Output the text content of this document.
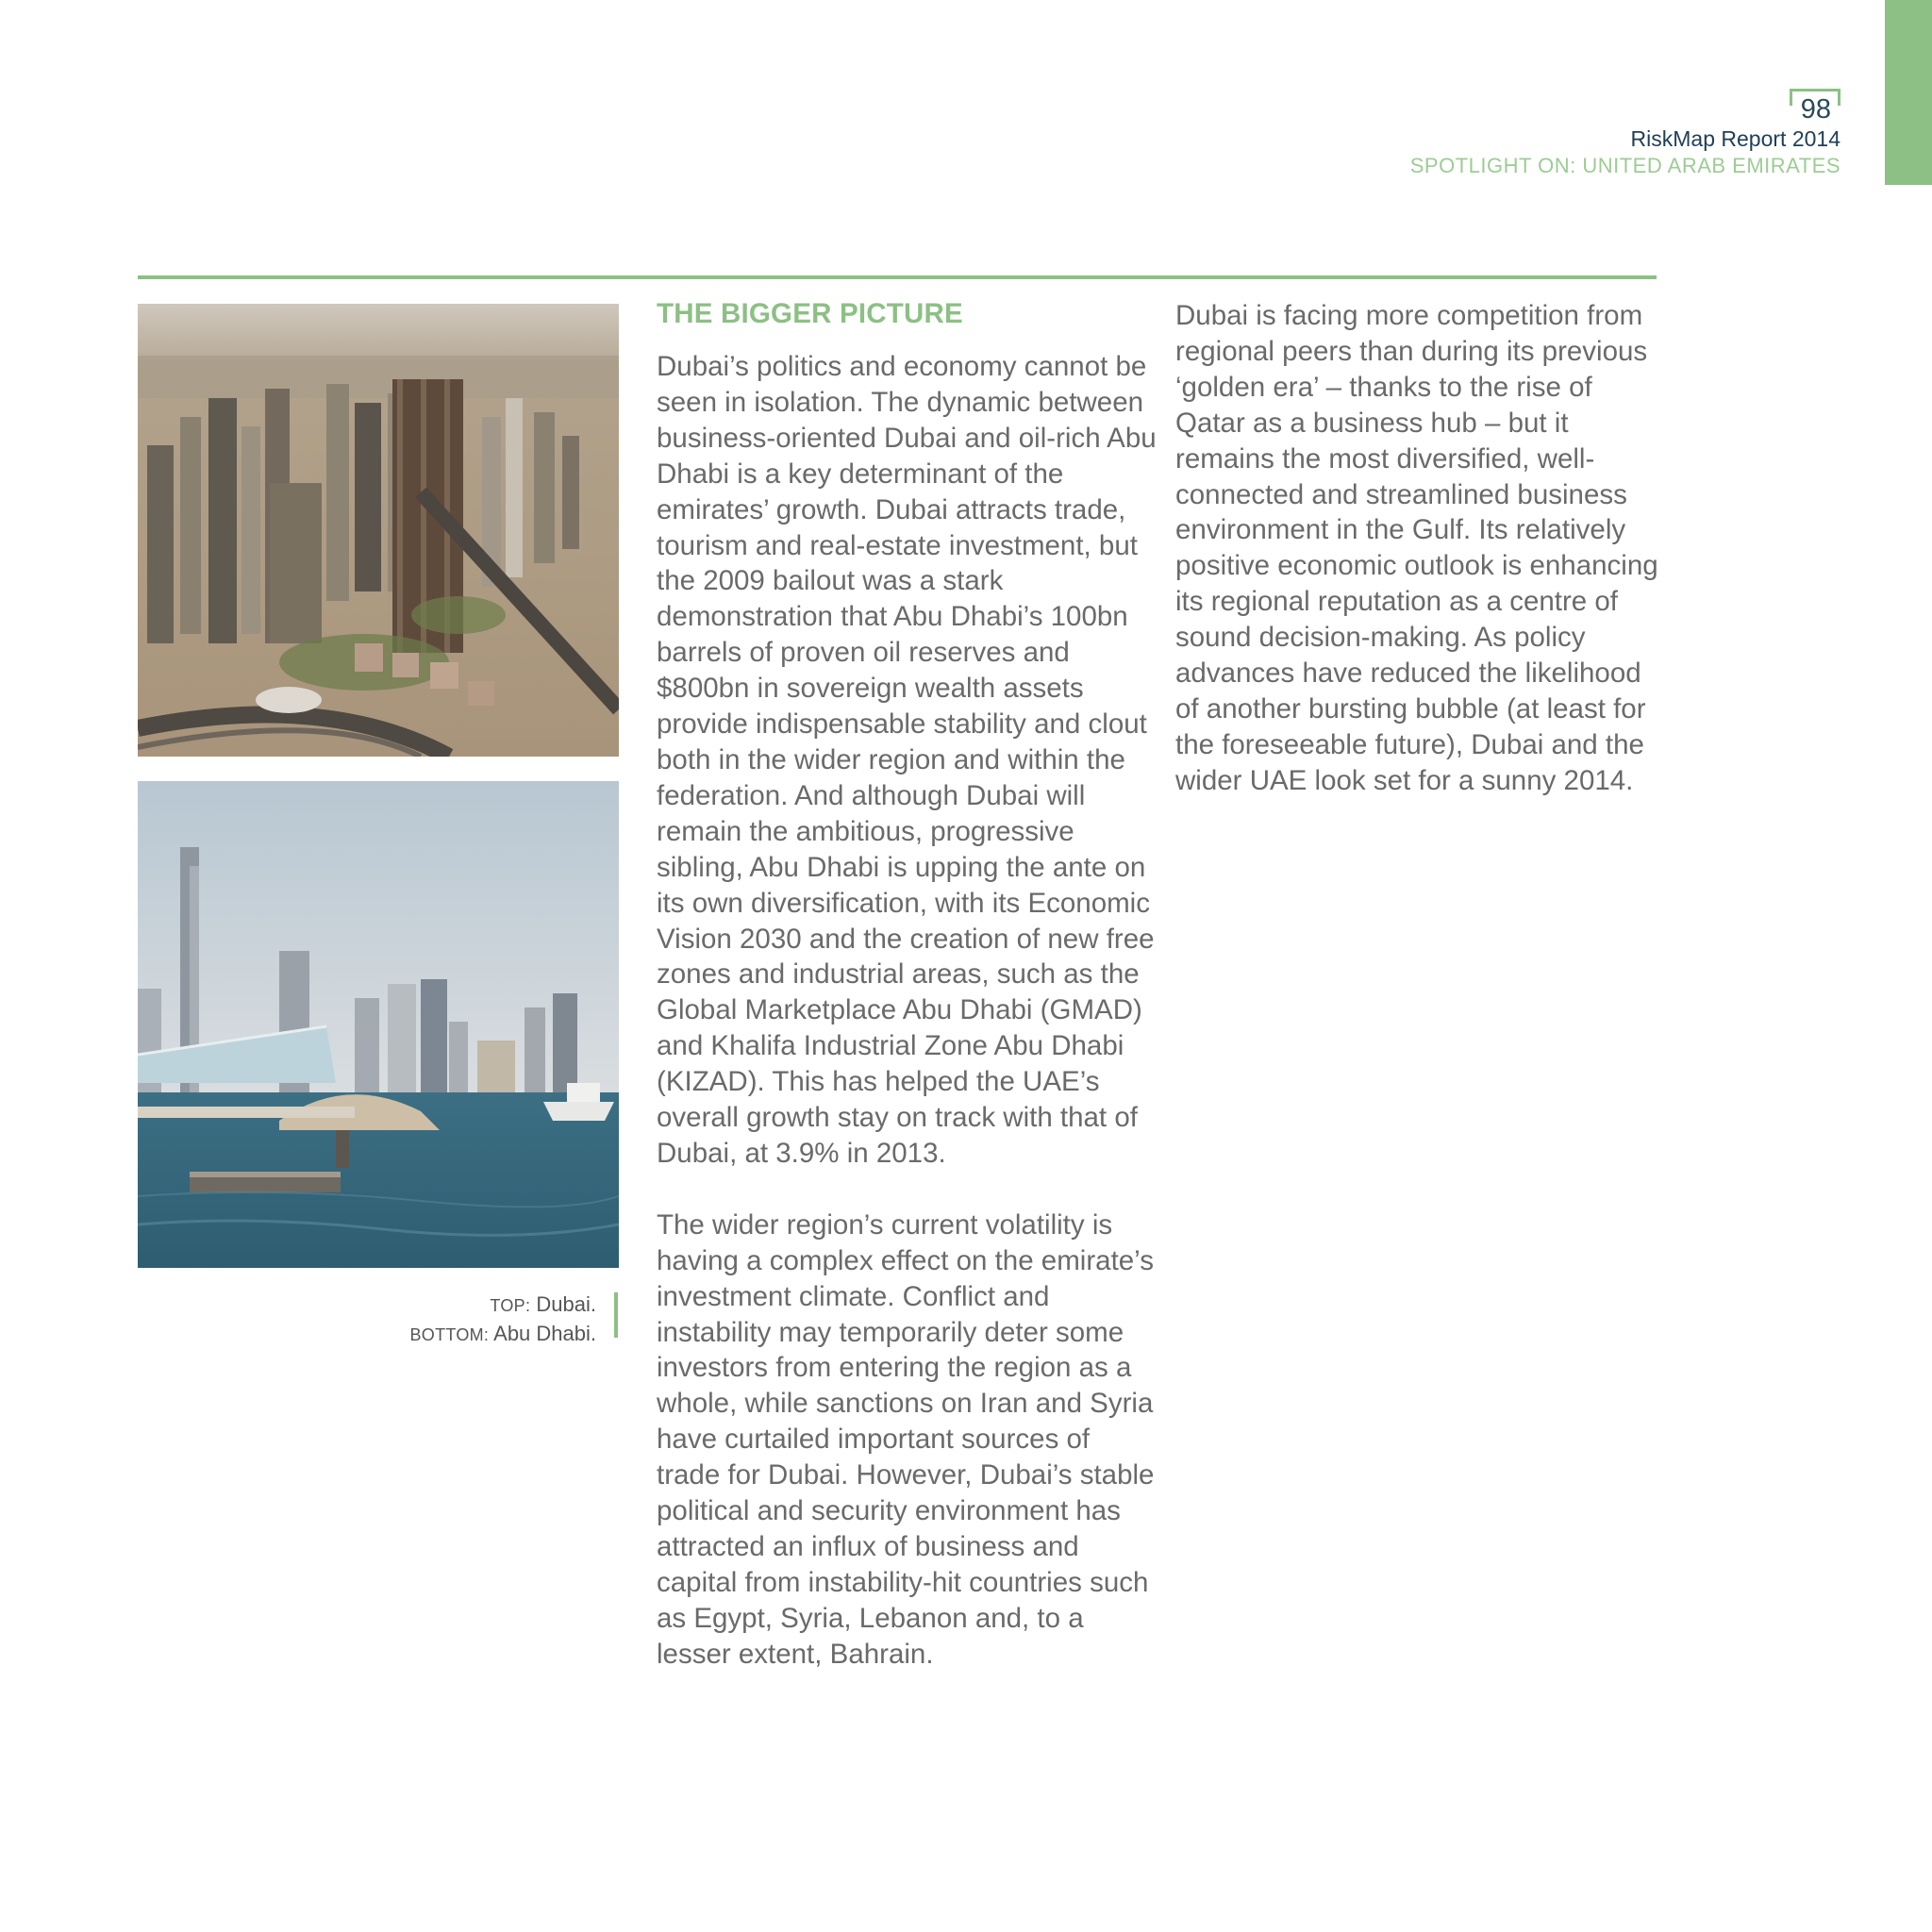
98
RiskMap Report 2014
SPOTLIGHT ON: UNITED ARAB EMIRATES
TOP: Dubai.
BOTTOM: Abu Dhabi.
THE BIGGER PICTURE

Dubai’s politics and economy cannot be seen in isolation. The dynamic between business-oriented Dubai and oil-rich Abu Dhabi is a key determinant of the emirates’ growth. Dubai attracts trade, tourism and real-estate investment, but the 2009 bailout was a stark demonstration that Abu Dhabi’s 100bn barrels of proven oil reserves and $800bn in sovereign wealth assets provide indispensable stability and clout both in the wider region and within the federation. And although Dubai will remain the ambitious, progressive sibling, Abu Dhabi is upping the ante on its own diversification, with its Economic Vision 2030 and the creation of new free zones and industrial areas, such as the Global Marketplace Abu Dhabi (GMAD) and Khalifa Industrial Zone Abu Dhabi (KIZAD). This has helped the UAE’s overall growth stay on track with that of Dubai, at 3.9% in 2013.

The wider region’s current volatility is having a complex effect on the emirate’s investment climate. Conflict and instability may temporarily deter some investors from entering the region as a whole, while sanctions on Iran and Syria have curtailed important sources of trade for Dubai. However, Dubai’s stable political and security environment has attracted an influx of business and capital from instability-hit countries such as Egypt, Syria, Lebanon and, to a lesser extent, Bahrain.

Dubai is facing more competition from regional peers than during its previous ‘golden era’ – thanks to the rise of Qatar as a business hub – but it remains the most diversified, well-connected and streamlined business environment in the Gulf. Its relatively positive economic outlook is enhancing its regional reputation as a centre of sound decision-making. As policy advances have reduced the likelihood of another bursting bubble (at least for the foreseeable future), Dubai and the wider UAE look set for a sunny 2014.
